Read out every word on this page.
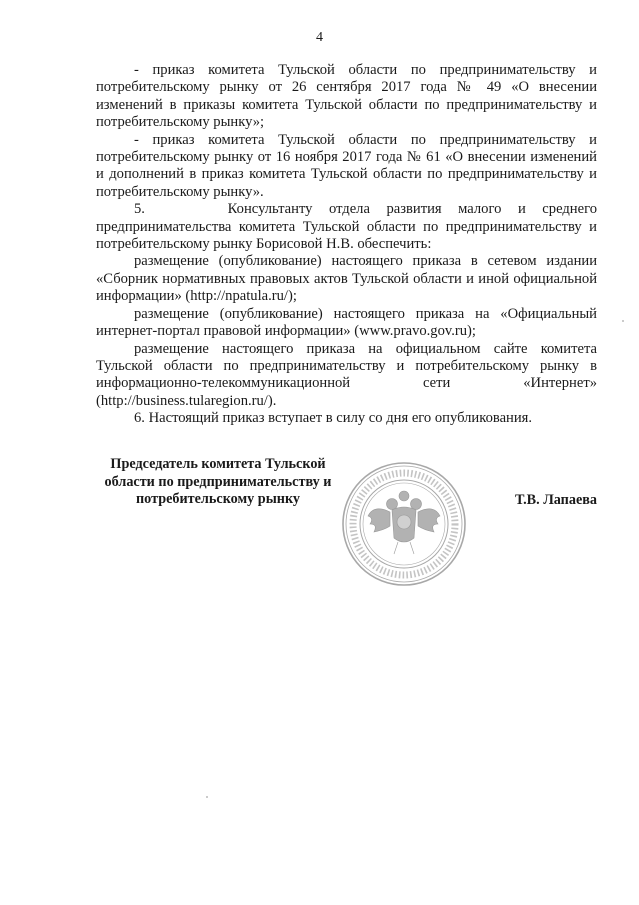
4

- приказ комитета Тульской области по предпринимательству и потребительскому рынку от 26 сентября 2017 года № 49 «О внесении изменений в приказы комитета Тульской области по предпринимательству и потребительскому рынку»;

- приказ комитета Тульской области по предпринимательству и потребительскому рынку от 16 ноября 2017 года № 61 «О внесении изменений и дополнений в приказ комитета Тульской области по предпринимательству и потребительскому рынку».

5.     Консультанту отдела развития малого и среднего предпринимательства комитета Тульской области по предпринимательству и потребительскому рынку Борисовой Н.В. обеспечить:

размещение (опубликование) настоящего приказа в сетевом издании «Сборник нормативных правовых актов Тульской области и иной официальной информации» (http://npatula.ru/);

размещение (опубликование) настоящего приказа на «Официальный интернет-портал правовой информации» (www.pravo.gov.ru);

размещение настоящего приказа на официальном сайте комитета Тульской области по предпринимательству и потребительскому рынку в информационно-телекоммуникационной сети «Интернет» (http://business.tularegion.ru/).

6. Настоящий приказ вступает в силу со дня его опубликования.

Председатель комитета Тульской области по предпринимательству и потребительскому рынку	Т.В. Лапаева
